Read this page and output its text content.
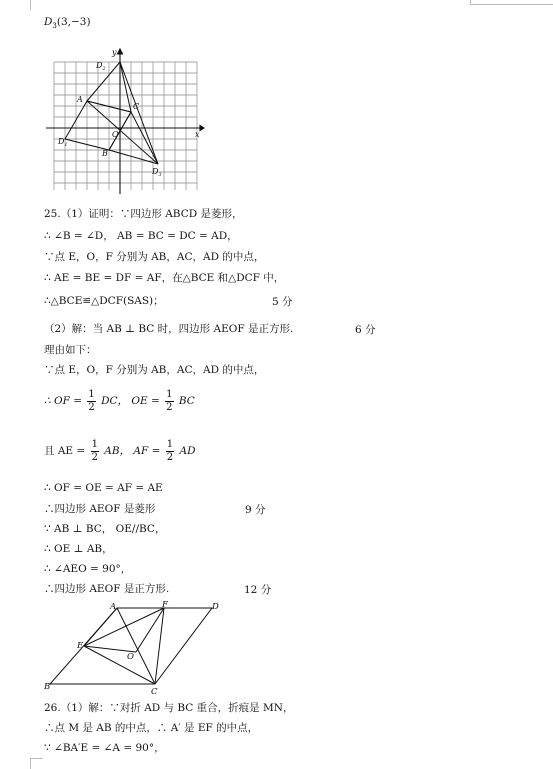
$D_3(3,-3)$
x
y
$D_2$
A
C
O
$D_1$
B
$D_3$
25.（1）证明：∵四边形 ABCD 是菱形，
∴ ∠B = ∠D， AB = BC = DC = AD，
∵点 E，O，F 分别为 AB，AC，AD 的中点，
∴ AE = BE = DF = AF，在△BCE 和△DCF 中，
∴△BCE≌△DCF(SAS)；	5 分
（2）解：当 AB ⊥ BC 时，四边形 AEOF 是正方形.	6 分
理由如下：
∵点 E，O，F 分别为 AB，AC，AD 的中点，
∴ OF = $\frac{1}{2}$ DC， OE = $\frac{1}{2}$ BC
且 AE = $\frac{1}{2}$ AB， AF = $\frac{1}{2}$ AD
∴ OF = OE = AF = AE
∴四边形 AEOF 是菱形	9 分
∵ AB ⊥ BC， OE//BC，
∴ OE ⊥ AB，
∴ ∠AEO = 90°，
∴四边形 AEOF 是正方形.	12 分
A	F	D
E
O
B	C
26.（1）解：∵对折 AD 与 BC 重合，折痕是 MN，
∴点 M 是 AB 的中点，∴ A′ 是 EF 的中点，
∵ ∠BA′E = ∠A = 90°，
